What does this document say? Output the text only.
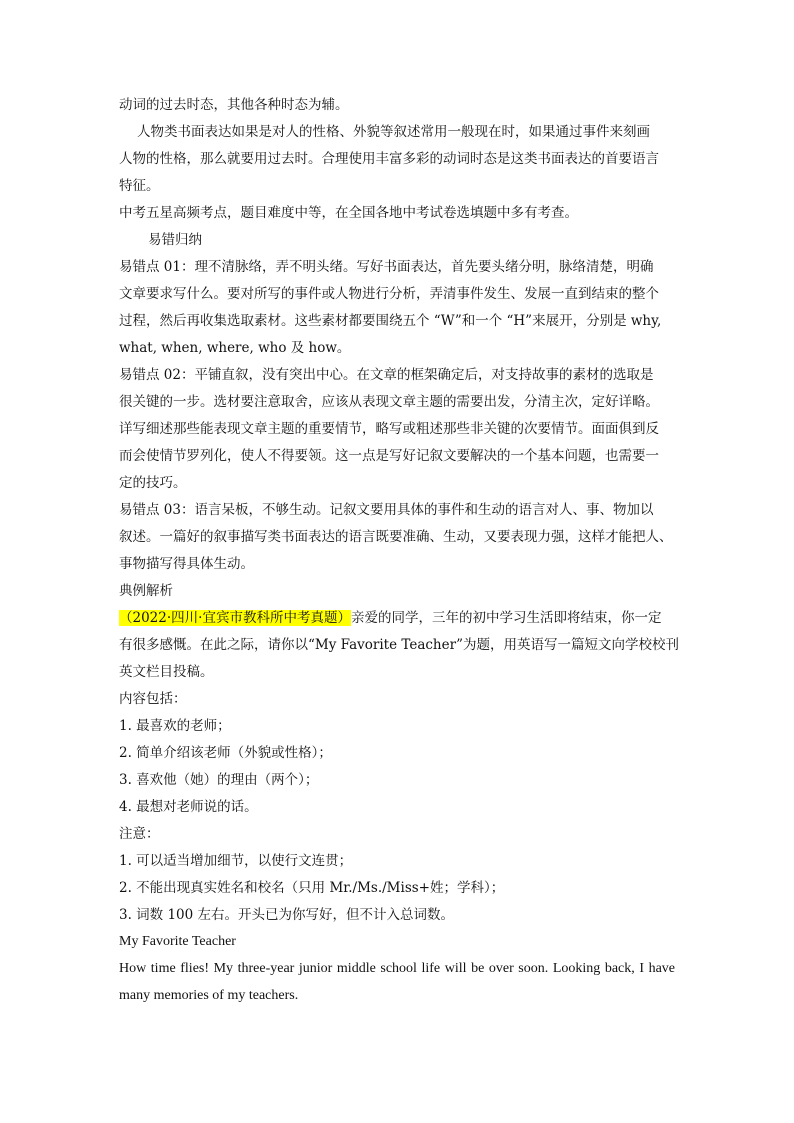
动词的过去时态，其他各种时态为辅。
人物类书面表达如果是对人的性格、外貌等叙述常用一般现在时，如果通过事件来刻画
人物的性格，那么就要用过去时。合理使用丰富多彩的动词时态是这类书面表达的首要语言
特征。
中考五星高频考点，题目难度中等，在全国各地中考试卷选填题中多有考查。
易错归纳
易错点 01：理不清脉络，弄不明头绪。写好书面表达，首先要头绪分明，脉络清楚，明确
文章要求写什么。要对所写的事件或人物进行分析，弄清事件发生、发展一直到结束的整个
过程，然后再收集选取素材。这些素材都要围绕五个 “W”和一个 “H”来展开，分别是 why,
what, when, where, who 及 how。
易错点 02：平铺直叙，没有突出中心。在文章的框架确定后，对支持故事的素材的选取是
很关键的一步。选材要注意取舍，应该从表现文章主题的需要出发，分清主次，定好详略。
详写细述那些能表现文章主题的重要情节，略写或粗述那些非关键的次要情节。面面俱到反
而会使情节罗列化，使人不得要领。这一点是写好记叙文要解决的一个基本问题，也需要一
定的技巧。
易错点 03：语言呆板，不够生动。记叙文要用具体的事件和生动的语言对人、事、物加以
叙述。一篇好的叙事描写类书面表达的语言既要准确、生动，又要表现力强，这样才能把人、
事物描写得具体生动。
典例解析
（2022·四川·宜宾市教科所中考真题）亲爱的同学，三年的初中学习生活即将结束，你一定
有很多感慨。在此之际，请你以“My Favorite Teacher”为题，用英语写一篇短文向学校校刊
英文栏目投稿。
内容包括：
1. 最喜欢的老师；
2. 简单介绍该老师（外貌或性格）；
3. 喜欢他（她）的理由（两个）；
4. 最想对老师说的话。
注意：
1. 可以适当增加细节，以使行文连贯；
2. 不能出现真实姓名和校名（只用 Mr./Ms./Miss+姓；学科）；
3. 词数 100 左右。开头已为你写好，但不计入总词数。
My Favorite Teacher
How time flies! My three-year junior middle school life will be over soon. Looking back, I have
many memories of my teachers.
